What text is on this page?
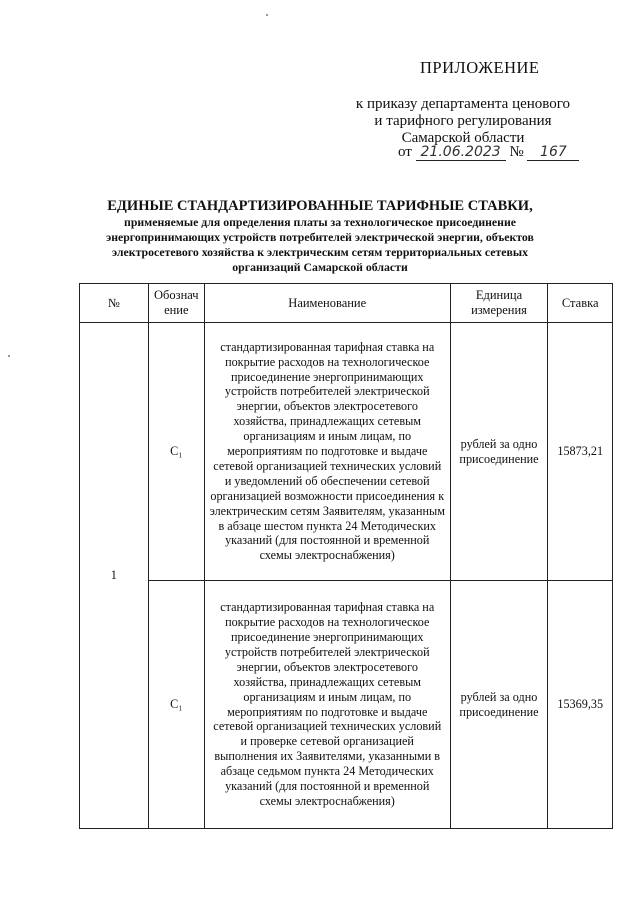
ПРИЛОЖЕНИЕ
к приказу департамента ценового
и тарифного регулирования
Самарской области
от 21.06.2023 № 167
ЕДИНЫЕ СТАНДАРТИЗИРОВАННЫЕ ТАРИФНЫЕ СТАВКИ,
применяемые для определения платы за технологическое присоединение
энергопринимающих устройств потребителей электрической энергии, объектов
электросетевого хозяйства к электрическим сетям территориальных сетевых
организаций Самарской области
№	Обозначение	Наименование	Единица измерения	Ставка
1	C₁	стандартизированная тарифная ставка на покрытие расходов на технологическое присоединение энергопринимающих устройств потребителей электрической энергии, объектов электросетевого хозяйства, принадлежащих сетевым организациям и иным лицам, по мероприятиям по подготовке и выдаче сетевой организацией технических условий и уведомлений об обеспечении сетевой организацией возможности присоединения к электрическим сетям Заявителям, указанным в абзаце шестом пункта 24 Методических указаний (для постоянной и временной схемы электроснабжения)	рублей за одно присоединение	15873,21
	C₁	стандартизированная тарифная ставка на покрытие расходов на технологическое присоединение энергопринимающих устройств потребителей электрической энергии, объектов электросетевого хозяйства, принадлежащих сетевым организациям и иным лицам, по мероприятиям по подготовке и выдаче сетевой организацией технических условий и проверке сетевой организацией выполнения их Заявителями, указанными в абзаце седьмом пункта 24 Методических указаний (для постоянной и временной схемы электроснабжения)	рублей за одно присоединение	15369,35
